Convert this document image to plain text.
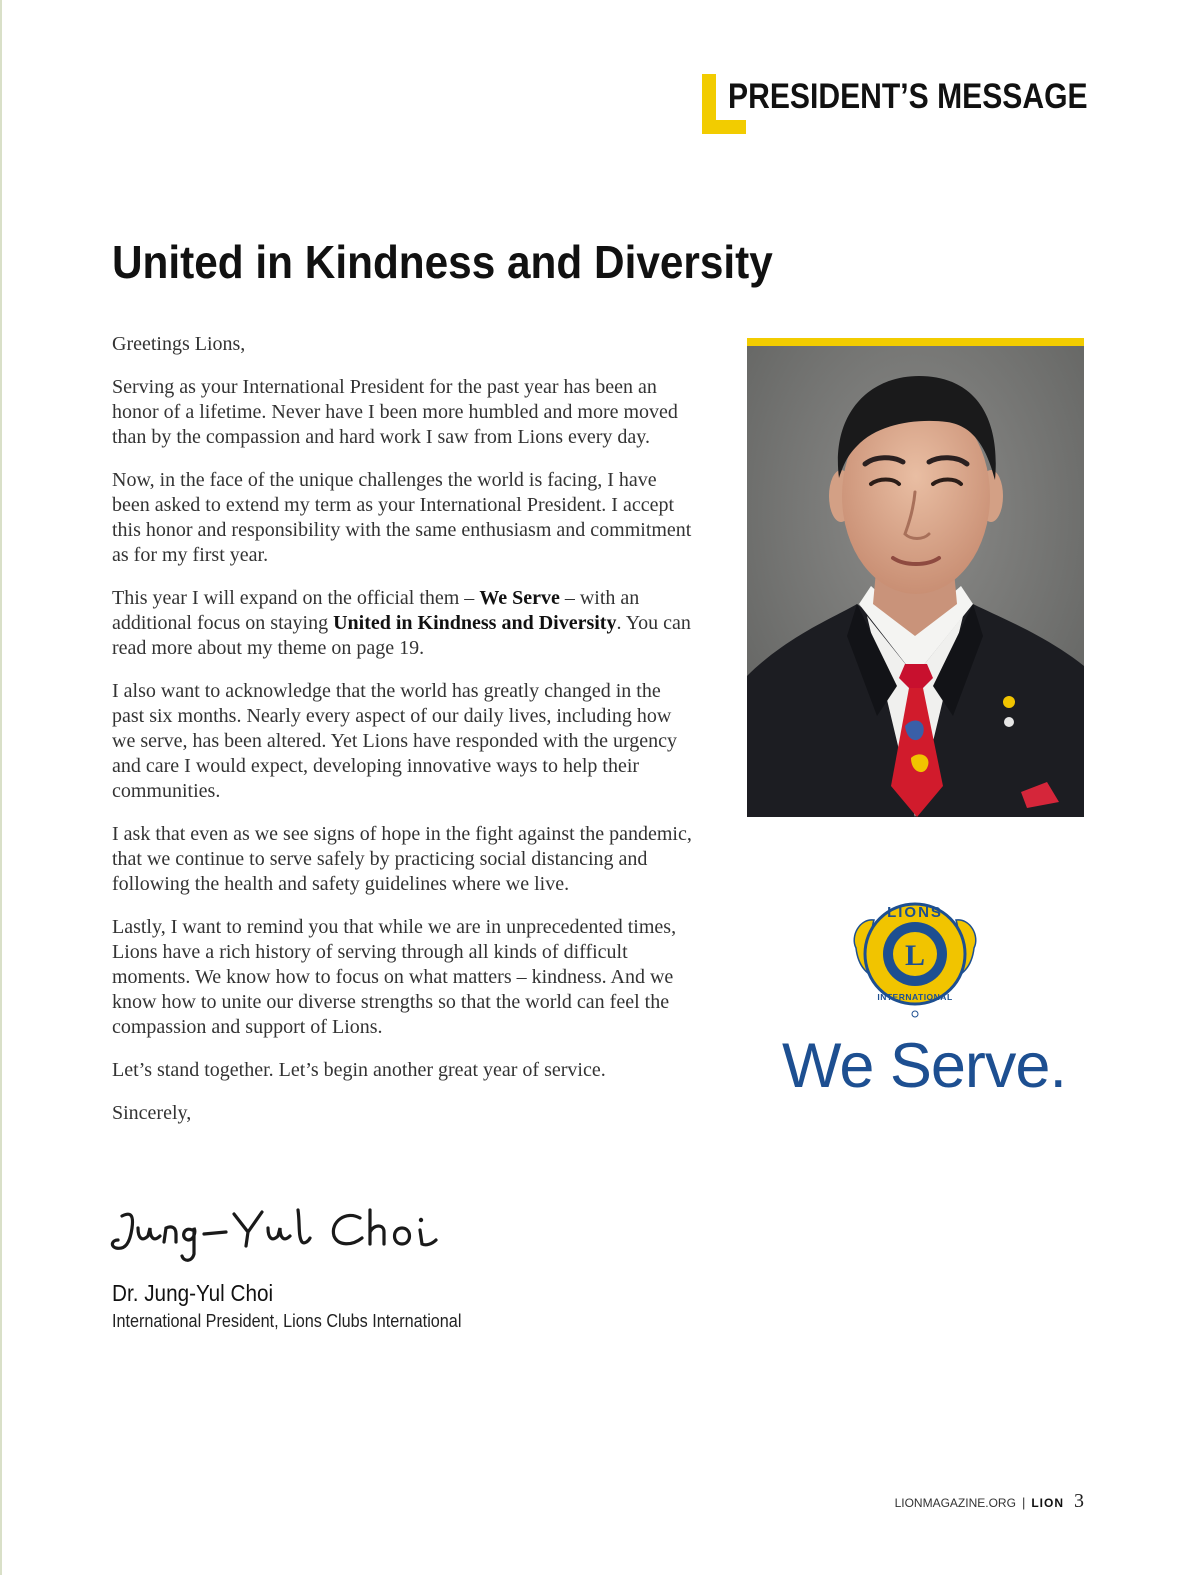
PRESIDENT’S MESSAGE
United in Kindness and Diversity

Greetings Lions,

Serving as your International President for the past year has been an honor of a lifetime. Never have I been more humbled and more moved than by the compassion and hard work I saw from Lions every day.

Now, in the face of the unique challenges the world is facing, I have been asked to extend my term as your International President. I accept this honor and responsibility with the same enthusiasm and commitment as for my first year.

This year I will expand on the official them – We Serve – with an additional focus on staying United in Kindness and Diversity. You can read more about my theme on page 19.

I also want to acknowledge that the world has greatly changed in the past six months. Nearly every aspect of our daily lives, including how we serve, has been altered. Yet Lions have responded with the urgency and care I would expect, developing innovative ways to help their communities.

I ask that even as we see signs of hope in the fight against the pandemic, that we continue to serve safely by practicing social distancing and following the health and safety guidelines where we live.

Lastly, I want to remind you that while we are in unprecedented times, Lions have a rich history of serving through all kinds of difficult moments. We know how to focus on what matters – kindness. And we know how to unite our diverse strengths so that the world can feel the compassion and support of Lions.

Let’s stand together. Let’s begin another great year of service.

Sincerely,

Dr. Jung-Yul Choi
International President, Lions Clubs International
L
LIONS
INTERNATIONAL
We Serve.
LIONMAGAZINE.ORG | LION 3
